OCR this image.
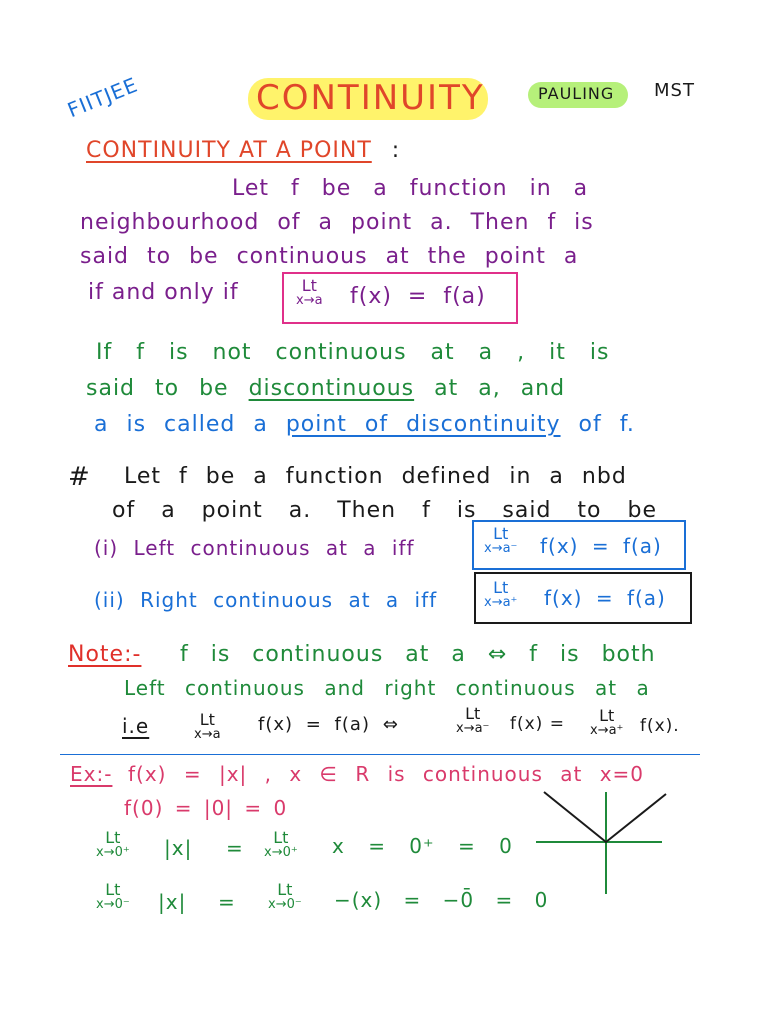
FIITJEE	CONTINUITY	PAULING MST
CONTINUITY AT A POINT :
Let f be a function in a
neighbourhood of a point a. Then f is
said to be continuous at the point a
if and only if	Lt
x→a f(x) = f(a)
If f is not continuous at a , it is
said to be discontinuous at a, and
a is called a point of discontinuity of f.
# Let f be a function defined in a nbd
of a point a. Then f is said to be
(i) Left continuous at a iff
Lt
x→a⁻ f(x) = f(a)
(ii) Right continuous at a iff
Lt
x→a⁺ f(x) = f(a)
Note:- f is continuous at a ⇔ f is both
Left continuous and right continuous at a
i.e	Lt
x→a f(x) = f(a) ⇔
Lt
x→a⁻ f(x) =	Lt
x→a⁺ f(x).
Ex:- f(x) = |x| , x ∈ R is continuous at x=0
f(0) = |0| = 0
Lt
x→0⁺ |x| =	Lt
x→0⁺ x = 0⁺ = 0
Lt
x→0⁻ |x| =
Lt
x→0⁻ −(x) = −0̄ = 0
